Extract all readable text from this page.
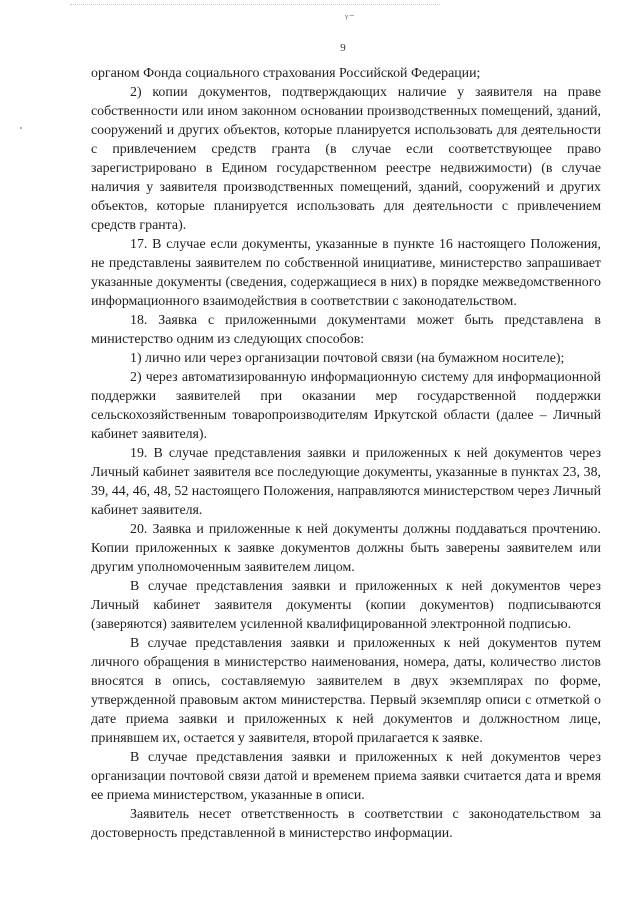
ᵞ⁻
9

органом Фонда социального страхования Российской Федерации;

2) копии документов, подтверждающих наличие у заявителя на праве собственности или ином законном основании производственных помещений, зданий, сооружений и других объектов, которые планируется использовать для деятельности с привлечением средств гранта (в случае если соответствующее право зарегистрировано в Едином государственном реестре недвижимости) (в случае наличия у заявителя производственных помещений, зданий, сооружений и других объектов, которые планируется использовать для деятельности с привлечением средств гранта).

17. В случае если документы, указанные в пункте 16 настоящего Положения, не представлены заявителем по собственной инициативе, министерство запрашивает указанные документы (сведения, содержащиеся в них) в порядке межведомственного информационного взаимодействия в соответствии с законодательством.

18. Заявка с приложенными документами может быть представлена в министерство одним из следующих способов:

1) лично или через организации почтовой связи (на бумажном носителе);

2) через автоматизированную информационную систему для информационной поддержки заявителей при оказании мер государственной поддержки сельскохозяйственным товаропроизводителям Иркутской области (далее – Личный кабинет заявителя).

19. В случае представления заявки и приложенных к ней документов через Личный кабинет заявителя все последующие документы, указанные в пунктах 23, 38, 39, 44, 46, 48, 52 настоящего Положения, направляются министерством через Личный кабинет заявителя.

20. Заявка и приложенные к ней документы должны поддаваться прочтению. Копии приложенных к заявке документов должны быть заверены заявителем или другим уполномоченным заявителем лицом.

В случае представления заявки и приложенных к ней документов через Личный кабинет заявителя документы (копии документов) подписываются (заверяются) заявителем усиленной квалифицированной электронной подписью.

В случае представления заявки и приложенных к ней документов путем личного обращения в министерство наименования, номера, даты, количество листов вносятся в опись, составляемую заявителем в двух экземплярах по форме, утвержденной правовым актом министерства. Первый экземпляр описи с отметкой о дате приема заявки и приложенных к ней документов и должностном лице, принявшем их, остается у заявителя, второй прилагается к заявке.

В случае представления заявки и приложенных к ней документов через организации почтовой связи датой и временем приема заявки считается дата и время ее приема министерством, указанные в описи.

Заявитель несет ответственность в соответствии с законодательством за достоверность представленной в министерство информации.
